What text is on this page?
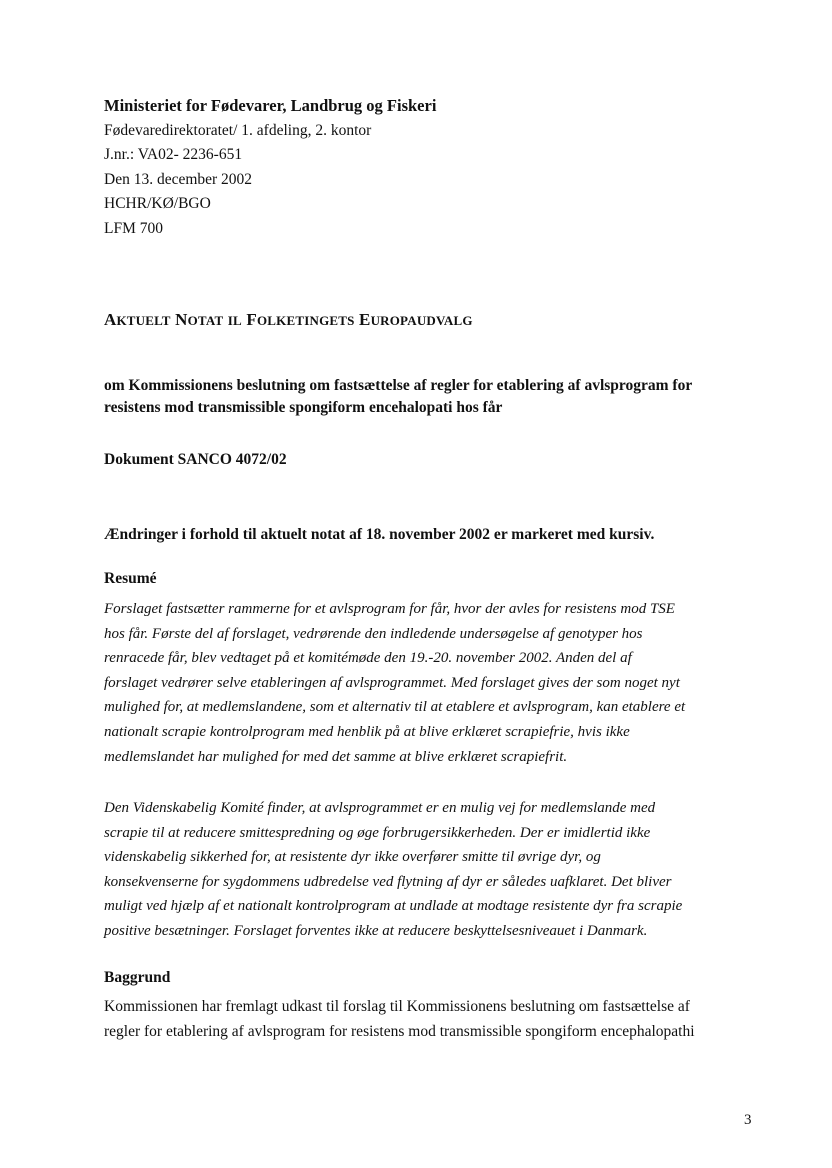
Ministeriet for Fødevarer, Landbrug og Fiskeri
Fødevaredirektoratet/ 1. afdeling, 2. kontor
J.nr.: VA02- 2236-651
Den 13. december 2002
HCHR/KØ/BGO
LFM 700
AKTUELT NOTAT IL FOLKETINGETS EUROPAUDVALG
om Kommissionens beslutning om fastsættelse af regler for etablering af avlsprogram for
resistens mod transmissible spongiform encehalopati hos får
Dokument SANCO 4072/02
Ændringer i forhold til aktuelt notat af 18. november 2002 er markeret med kursiv.
Resumé
Forslaget fastsætter rammerne for et avlsprogram for får, hvor der avles for resistens mod TSE
hos får. Første del af forslaget, vedrørende den indledende undersøgelse af genotyper hos
renracede får, blev vedtaget på et komitémøde den 19.-20. november 2002. Anden del af
forslaget vedrører selve etableringen af avlsprogrammet. Med forslaget gives der som noget nyt
mulighed for, at medlemslandene, som et alternativ til at etablere et avlsprogram, kan etablere et
nationalt scrapie kontrolprogram med henblik på at blive erklæret scrapiefrie, hvis ikke
medlemslandet har mulighed for med det samme at blive erklæret scrapiefrit.
Den Videnskabelig Komité finder, at avlsprogrammet er en mulig vej for medlemslande med
scrapie til at reducere smittespredning og øge forbrugersikkerheden. Der er imidlertid ikke
videnskabelig sikkerhed for, at resistente dyr ikke overfører smitte til øvrige dyr, og
konsekvenserne for sygdommens udbredelse ved flytning af dyr er således uafklaret. Det bliver
muligt ved hjælp af et nationalt kontrolprogram at undlade at modtage resistente dyr fra scrapie
positive besætninger. Forslaget forventes ikke at reducere beskyttelsesniveauet i Danmark.
Baggrund
Kommissionen har fremlagt udkast til forslag til Kommissionens beslutning om fastsættelse af
regler for etablering af avlsprogram for resistens mod transmissible spongiform encephalopathi
3
